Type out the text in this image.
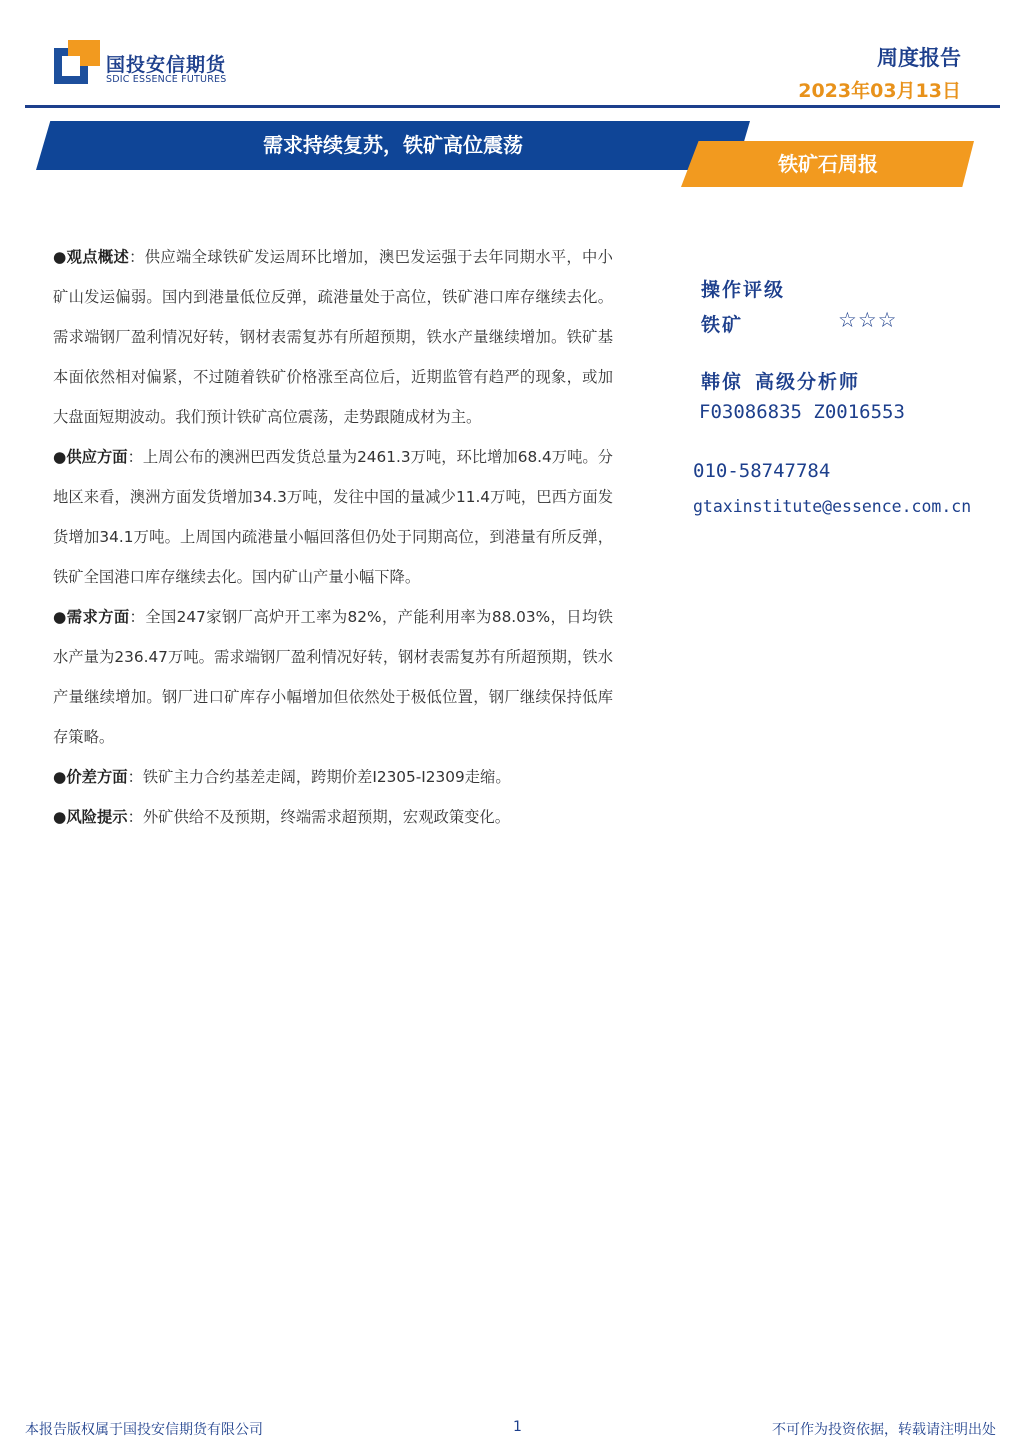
国投安信期货
SDIC ESSENCE FUTURES
周度报告
2023年03月13日
需求持续复苏，铁矿高位震荡
铁矿石周报

●观点概述：供应端全球铁矿发运周环比增加，澳巴发运强于去年同期水平，中小矿山发运偏弱。国内到港量低位反弹，疏港量处于高位，铁矿港口库存继续去化。需求端钢厂盈利情况好转，钢材表需复苏有所超预期，铁水产量继续增加。铁矿基本面依然相对偏紧，不过随着铁矿价格涨至高位后，近期监管有趋严的现象，或加大盘面短期波动。我们预计铁矿高位震荡，走势跟随成材为主。

●供应方面：上周公布的澳洲巴西发货总量为2461.3万吨，环比增加68.4万吨。分地区来看，澳洲方面发货增加34.3万吨，发往中国的量减少11.4万吨，巴西方面发货增加34.1万吨。上周国内疏港量小幅回落但仍处于同期高位，到港量有所反弹，铁矿全国港口库存继续去化。国内矿山产量小幅下降。

●需求方面：全国247家钢厂高炉开工率为82%，产能利用率为88.03%，日均铁水产量为236.47万吨。需求端钢厂盈利情况好转，钢材表需复苏有所超预期，铁水产量继续增加。钢厂进口矿库存小幅增加但依然处于极低位置，钢厂继续保持低库存策略。

●价差方面：铁矿主力合约基差走阔，跨期价差I2305-I2309走缩。

●风险提示：外矿供给不及预期，终端需求超预期，宏观政策变化。

操作评级
铁矿	☆☆☆
韩倞 高级分析师
F03086835 Z0016553
010-58747784
gtaxinstitute@essence.com.cn
本报告版权属于国投安信期货有限公司	1	不可作为投资依据，转载请注明出处
